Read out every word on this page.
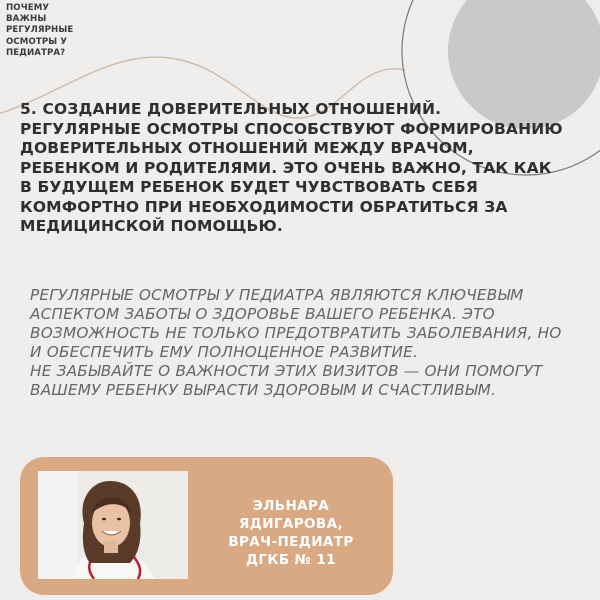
ПОЧЕМУ
ВАЖНЫ
РЕГУЛЯРНЫЕ
ОСМОТРЫ У
ПЕДИАТРА?
5. СОЗДАНИЕ ДОВЕРИТЕЛЬНЫХ ОТНОШЕНИЙ. РЕГУЛЯРНЫЕ ОСМОТРЫ СПОСОБСТВУЮТ ФОРМИРОВАНИЮ ДОВЕРИТЕЛЬНЫХ ОТНОШЕНИЙ МЕЖДУ ВРАЧОМ, РЕБЕНКОМ И РОДИТЕЛЯМИ. ЭТО ОЧЕНЬ ВАЖНО, ТАК КАК В БУДУЩЕМ РЕБЕНОК БУДЕТ ЧУВСТВОВАТЬ СЕБЯ КОМФОРТНО ПРИ НЕОБХОДИМОСТИ ОБРАТИТЬСЯ ЗА МЕДИЦИНСКОЙ ПОМОЩЬЮ.

РЕГУЛЯРНЫЕ ОСМОТРЫ У ПЕДИАТРА ЯВЛЯЮТСЯ КЛЮЧЕВЫМ АСПЕКТОМ ЗАБОТЫ О ЗДОРОВЬЕ ВАШЕГО РЕБЕНКА. ЭТО ВОЗМОЖНОСТЬ НЕ ТОЛЬКО ПРЕДОТВРАТИТЬ ЗАБОЛЕВАНИЯ, НО И ОБЕСПЕЧИТЬ ЕМУ ПОЛНОЦЕННОЕ РАЗВИТИЕ.

НЕ ЗАБЫВАЙТЕ О ВАЖНОСТИ ЭТИХ ВИЗИТОВ — ОНИ ПОМОГУТ ВАШЕМУ РЕБЕНКУ ВЫРАСТИ ЗДОРОВЫМ И СЧАСТЛИВЫМ.

ЭЛЬНАРА
ЯДИГАРОВА,
ВРАЧ-ПЕДИАТР
ДГКБ № 11
